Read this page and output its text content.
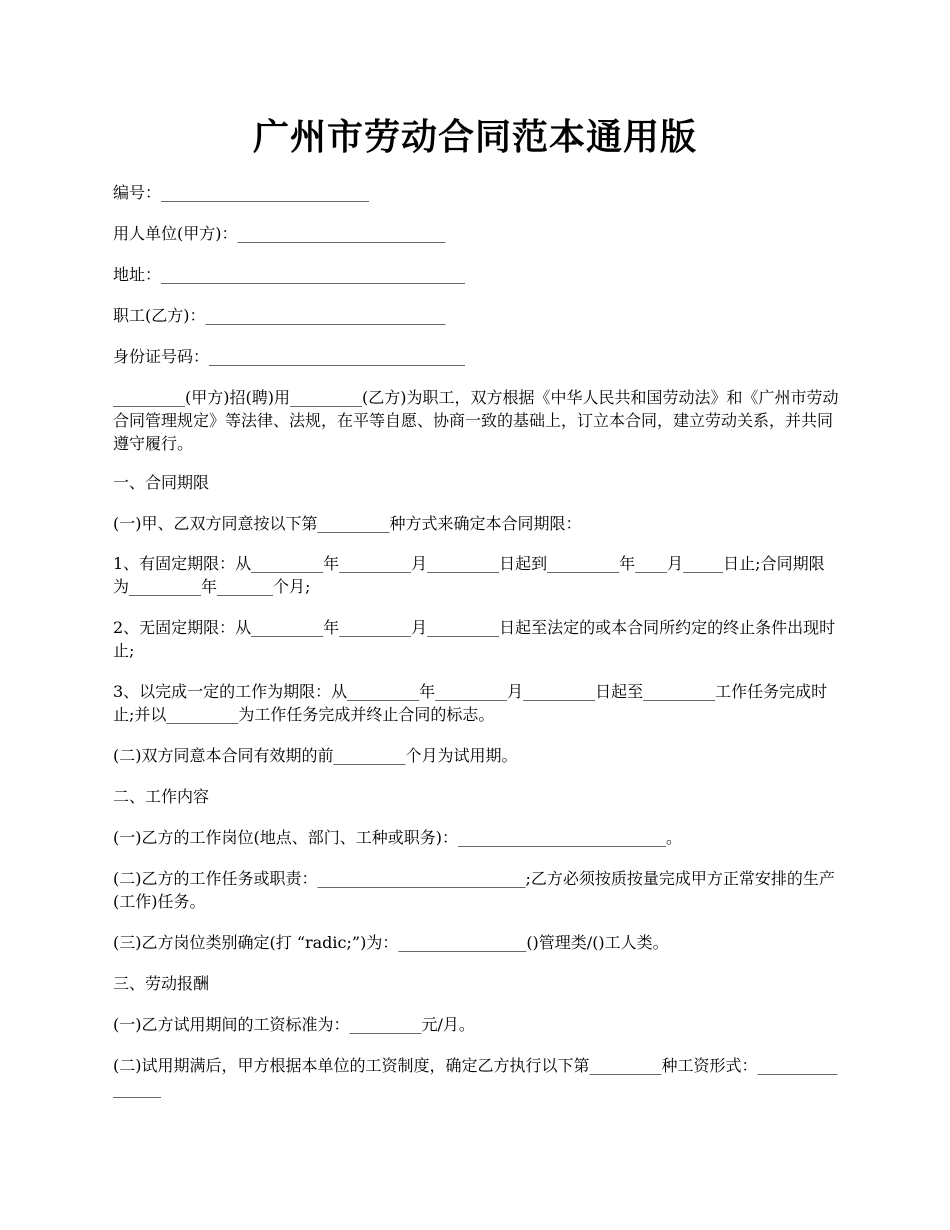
广州市劳动合同范本通用版
编号：__________________________
用人单位(甲方)：__________________________
地址：______________________________________
职工(乙方)：______________________________
身份证号码：________________________________
_________(甲方)招(聘)用_________(乙方)为职工，双方根据《中华人民共和国劳动法》和《广州市劳动合同管理规定》等法律、法规，在平等自愿、协商一致的基础上，订立本合同，建立劳动关系，并共同遵守履行。
一、合同期限
(一)甲、乙双方同意按以下第_________种方式来确定本合同期限：
1、有固定期限：从_________年_________月_________日起到_________年____月_____日止;合同期限为_________年_______个月;
2、无固定期限：从_________年_________月_________日起至法定的或本合同所约定的终止条件出现时止;
3、以完成一定的工作为期限：从_________年_________月_________日起至_________工作任务完成时止;并以_________为工作任务完成并终止合同的标志。
(二)双方同意本合同有效期的前_________个月为试用期。
二、工作内容
(一)乙方的工作岗位(地点、部门、工种或职务)：__________________________。
(二)乙方的工作任务或职责：__________________________;乙方必须按质按量完成甲方正常安排的生产(工作)任务。
(三)乙方岗位类别确定(打 “radic;”)为：________________()管理类/()工人类。
三、劳动报酬
(一)乙方试用期间的工资标准为：_________元/月。
(二)试用期满后，甲方根据本单位的工资制度，确定乙方执行以下第_________种工资形式：________________
